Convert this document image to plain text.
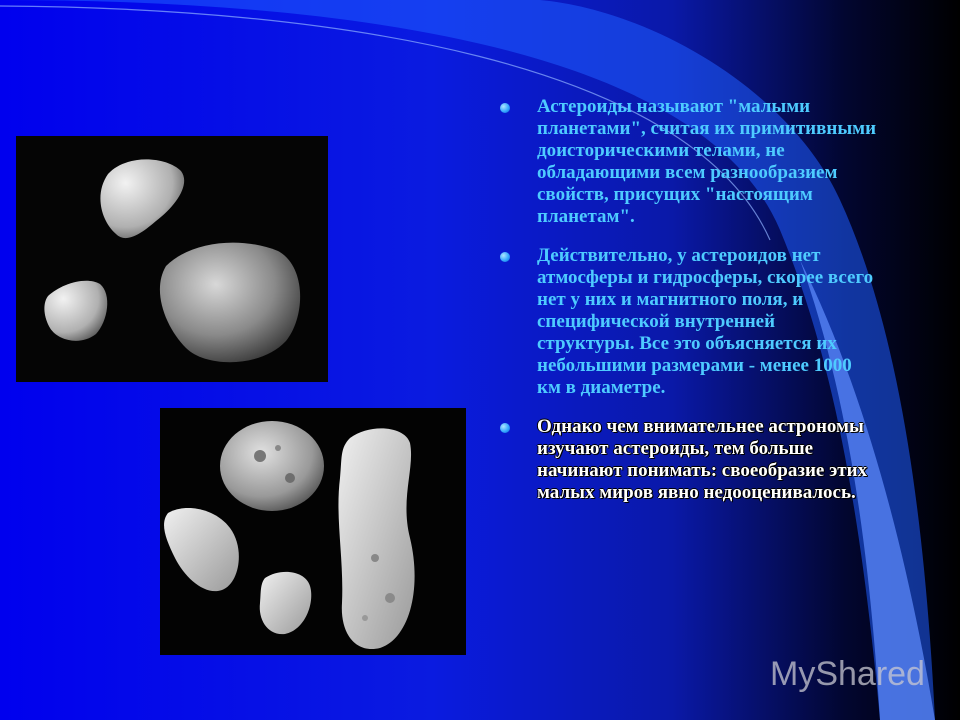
Астероиды называют "малыми планетами", считая их примитивными доисторическими телами, не обладающими всем разнообразием свойств, присущих "настоящим планетам".
Действительно, у астероидов нет атмосферы и гидросферы, скорее всего нет у них и магнитного поля, и специфической внутренней структуры. Все это объясняется их небольшими размерами - менее 1000 км в диаметре.
Однако чем внимательнее астрономы изучают астероиды, тем больше начинают понимать: своеобразие этих малых миров явно недооценивалось.
MyShared
